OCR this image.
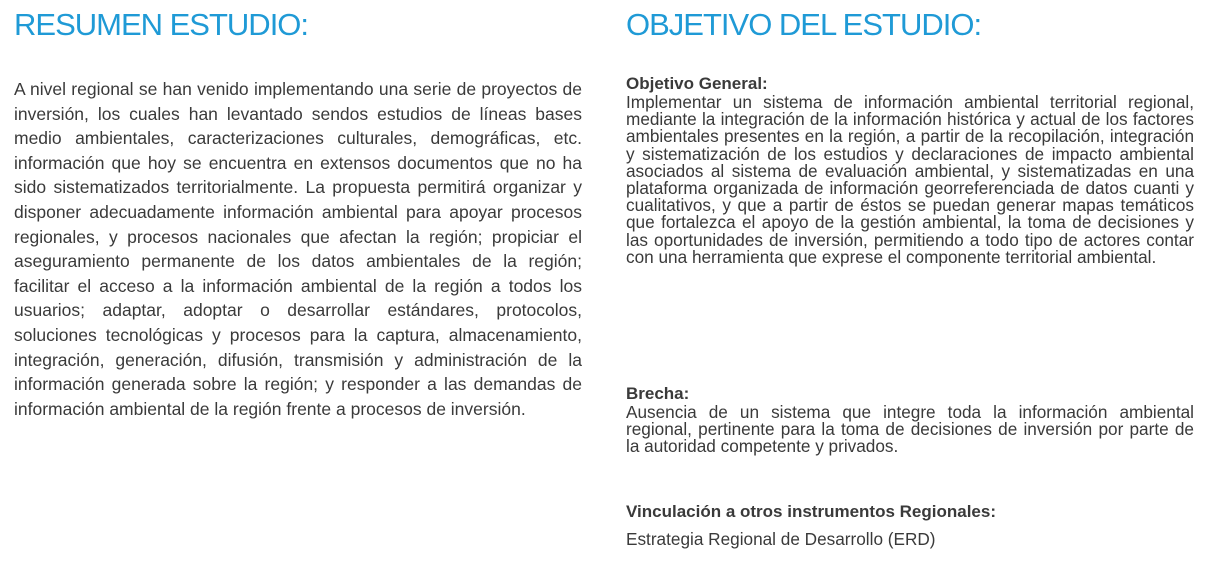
RESUMEN ESTUDIO:

A nivel regional se han venido implementando una serie de proyectos de inversión, los cuales han levantado sendos estudios de líneas bases medio ambientales, caracterizaciones culturales, demográficas, etc. información que hoy se encuentra en extensos documentos que no ha sido sistematizados territorialmente. La propuesta permitirá organizar y disponer adecuadamente información ambiental para apoyar procesos regionales, y procesos nacionales que afectan la región; propiciar el aseguramiento permanente de los datos ambientales de la región; facilitar el acceso a la información ambiental de la región a todos los usuarios; adaptar, adoptar o desarrollar estándares, protocolos, soluciones tecnológicas y procesos para la captura, almacenamiento, integración, generación, difusión, transmisión y administración de la información generada sobre la región; y responder a las demandas de información ambiental de la región frente a procesos de inversión.

OBJETIVO DEL ESTUDIO:

Objetivo General:

Implementar un sistema de información ambiental territorial regional, mediante la integración de la información histórica y actual de los factores ambientales presentes en la región, a partir de la recopilación, integración y sistematización de los estudios y declaraciones de impacto ambiental asociados al sistema de evaluación ambiental, y sistematizadas en una plataforma organizada de información georreferenciada de datos cuanti y cualitativos, y que a partir de éstos se puedan generar mapas temáticos que fortalezca el apoyo de la gestión ambiental, la toma de decisiones y las oportunidades de inversión, permitiendo a todo tipo de actores contar con una herramienta que exprese el componente territorial ambiental.

Brecha:

Ausencia de un sistema que integre toda la información ambiental regional, pertinente para la toma de decisiones de inversión por parte de la autoridad competente y privados.

Vinculación a otros instrumentos Regionales:

Estrategia Regional de Desarrollo (ERD)
